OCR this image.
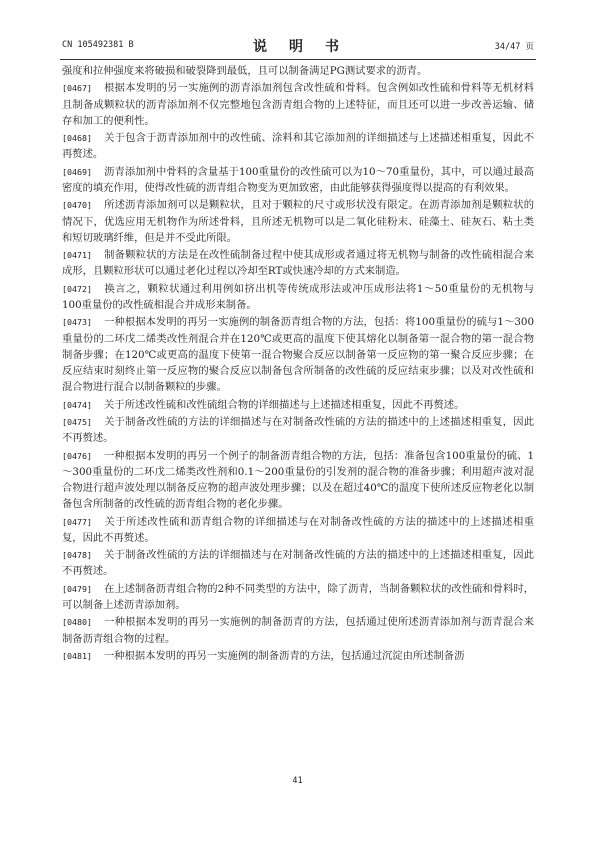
CN 105492381 B	说　明　书	34/47 页

强度和拉伸强度来将破损和破裂降到最低，且可以制备满足PG测试要求的沥青。

[0467] 根据本发明的另一实施例的沥青添加剂包含改性硫和骨料。包含例如改性硫和骨料等无机材料且制备成颗粒状的沥青添加剂不仅完整地包含沥青组合物的上述特征，而且还可以进一步改善运输、储存和加工的便利性。

[0468] 关于包含于沥青添加剂中的改性硫、涂料和其它添加剂的详细描述与上述描述相重复，因此不再赘述。

[0469] 沥青添加剂中骨料的含量基于100重量份的改性硫可以为10～70重量份，其中，可以通过最高密度的填充作用，使得改性硫的沥青组合物变为更加致密，由此能够获得强度得以提高的有利效果。

[0470] 所述沥青添加剂可以是颗粒状，且对于颗粒的尺寸或形状没有限定。在沥青添加剂是颗粒状的情况下，优选应用无机物作为所述骨料，且所述无机物可以是二氧化硅粉末、硅藻土、硅灰石、粘土类和短切玻璃纤维，但是并不受此所限。

[0471] 制备颗粒状的方法是在改性硫制备过程中使其成形或者通过将无机物与制备的改性硫相混合来成形，且颗粒形状可以通过老化过程以冷却至RT或快速冷却的方式来制造。

[0472] 换言之，颗粒状通过利用例如挤出机等传统成形法或冲压成形法将1～50重量份的无机物与100重量份的改性硫相混合并成形来制备。

[0473] 一种根据本发明的再另一实施例的制备沥青组合物的方法，包括：将100重量份的硫与1～300重量份的二环戊二烯类改性剂混合并在120℃或更高的温度下使其熔化以制备第一混合物的第一混合物制备步骤；在120℃或更高的温度下使第一混合物聚合反应以制备第一反应物的第一聚合反应步骤；在反应结束时刻终止第一反应物的聚合反应以制备包含所制备的改性硫的反应结束步骤；以及对改性硫和混合物进行混合以制备颗粒的步骤。

[0474] 关于所述改性硫和改性硫组合物的详细描述与上述描述相重复，因此不再赘述。

[0475] 关于制备改性硫的方法的详细描述与在对制备改性硫的方法的描述中的上述描述相重复，因此不再赘述。

[0476] 一种根据本发明的再另一个例子的制备沥青组合物的方法，包括：准备包含100重量份的硫、1～300重量份的二环戊二烯类改性剂和0.1～200重量份的引发剂的混合物的准备步骤；利用超声波对混合物进行超声波处理以制备反应物的超声波处理步骤；以及在超过40℃的温度下使所述反应物老化以制备包含所制备的改性硫的沥青组合物的老化步骤。

[0477] 关于所述改性硫和沥青组合物的详细描述与在对制备改性硫的方法的描述中的上述描述相重复，因此不再赘述。

[0478] 关于制备改性硫的方法的详细描述与在对制备改性硫的方法的描述中的上述描述相重复，因此不再赘述。

[0479] 在上述制备沥青组合物的2种不同类型的方法中，除了沥青，当制备颗粒状的改性硫和骨料时，可以制备上述沥青添加剂。

[0480] 一种根据本发明的再另一实施例的制备沥青的方法，包括通过使所述沥青添加剂与沥青混合来制备沥青组合物的过程。

[0481] 一种根据本发明的再另一实施例的制备沥青的方法，包括通过沉淀由所述制备沥

41
